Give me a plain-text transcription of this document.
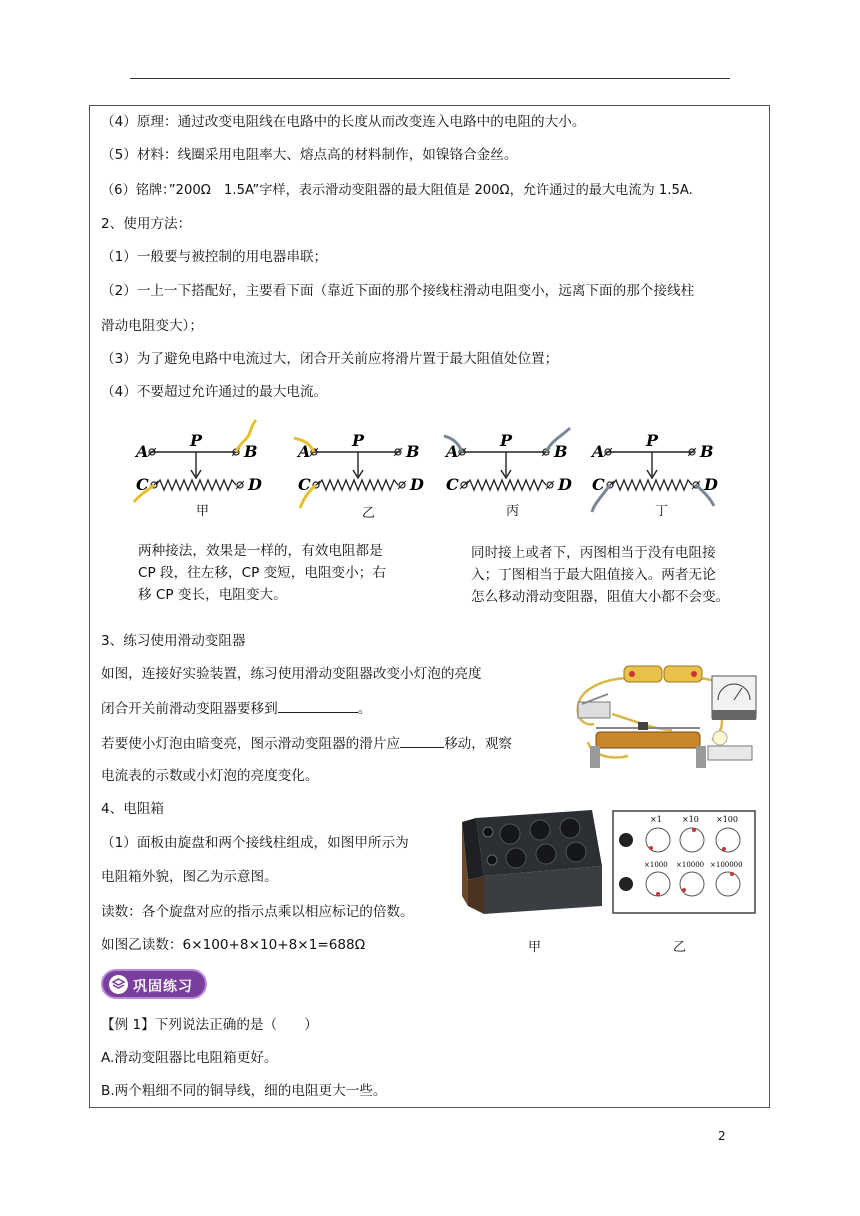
（4）原理：通过改变电阻线在电路中的长度从而改变连入电路中的电阻的大小。
（5）材料：线圈采用电阻率大、熔点高的材料制作，如镍铬合金丝。
（6）铭牌：”200Ω　1.5A”字样，表示滑动变阻器的最大阻值是 200Ω，允许通过的最大电流为 1.5A.
2、使用方法：
（1）一般要与被控制的用电器串联；
（2）一上一下搭配好，主要看下面（靠近下面的那个接线柱滑动电阻变小，远离下面的那个接线柱
滑动电阻变大）；
（3）为了避免电路中电流过大，闭合开关前应将滑片置于最大阻值处位置；
（4）不要超过允许通过的最大电流。
A
P
B
C	D
A
P
B
C	D
A
P
B
C	D
A
P
B
C	D
甲	乙	丙	丁
两种接法，效果是一样的，有效电阻都是
CP 段，往左移，CP 变短，电阻变小；右
移 CP 变长，电阻变大。
同时接上或者下，丙图相当于没有电阻接
入；丁图相当于最大阻值接入。两者无论
怎么移动滑动变阻器，阻值大小都不会变。
3、练习使用滑动变阻器
如图，连接好实验装置，练习使用滑动变阻器改变小灯泡的亮度
闭合开关前滑动变阻器要移到	。
若要使小灯泡由暗变亮，图示滑动变阻器的滑片应	移动，观察
电流表的示数或小灯泡的亮度变化。
4、电阻箱
（1）面板由旋盘和两个接线柱组成，如图甲所示为
电阻箱外貌，图乙为示意图。
读数：各个旋盘对应的指示点乘以相应标记的倍数。
如图乙读数：6×100+8×10+8×1=688Ω
×1	×10 ×100
×1000 ×10000 ×100000
甲	乙
巩固练习
【例 1】下列说法正确的是（　　）
A.滑动变阻器比电阻箱更好。
B.两个粗细不同的铜导线，细的电阻更大一些。
2
